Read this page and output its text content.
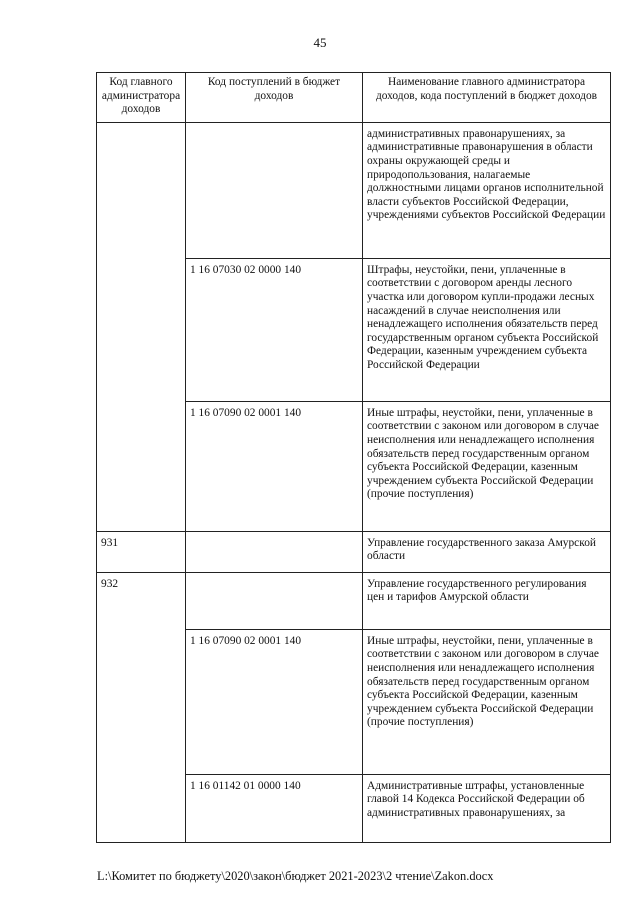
45
Код главного администратора доходов	Код поступлений в бюджет доходов	Наименование главного администратора доходов, кода поступлений в бюджет доходов
		административных правонарушениях, за административные правонарушения в области охраны окружающей среды и природопользования, налагаемые должностными лицами органов исполнительной власти субъектов Российской Федерации, учреждениями субъектов Российской Федерации
	1 16 07030 02 0000 140	Штрафы, неустойки, пени, уплаченные в соответствии с договором аренды лесного участка или договором купли-продажи лесных насаждений в случае неисполнения или ненадлежащего исполнения обязательств перед государственным органом субъекта Российской Федерации, казенным учреждением субъекта Российской Федерации
	1 16 07090 02 0001 140	Иные штрафы, неустойки, пени, уплаченные в соответствии с законом или договором в случае неисполнения или ненадлежащего исполнения обязательств перед государственным органом субъекта Российской Федерации, казенным учреждением субъекта Российской Федерации (прочие поступления)
931		Управление государственного заказа Амурской области
932		Управление государственного регулирования цен и тарифов Амурской области
	1 16 07090 02 0001 140	Иные штрафы, неустойки, пени, уплаченные в соответствии с законом или договором в случае неисполнения или ненадлежащего исполнения обязательств перед государственным органом субъекта Российской Федерации, казенным учреждением субъекта Российской Федерации
(прочие поступления)

	1 16 01142 01 0000 140	Административные штрафы, установленные главой 14 Кодекса Российской Федерации об административных правонарушениях, за
L:\Комитет по бюджету\2020\закон\бюджет 2021-2023\2 чтение\Zakon.docx
